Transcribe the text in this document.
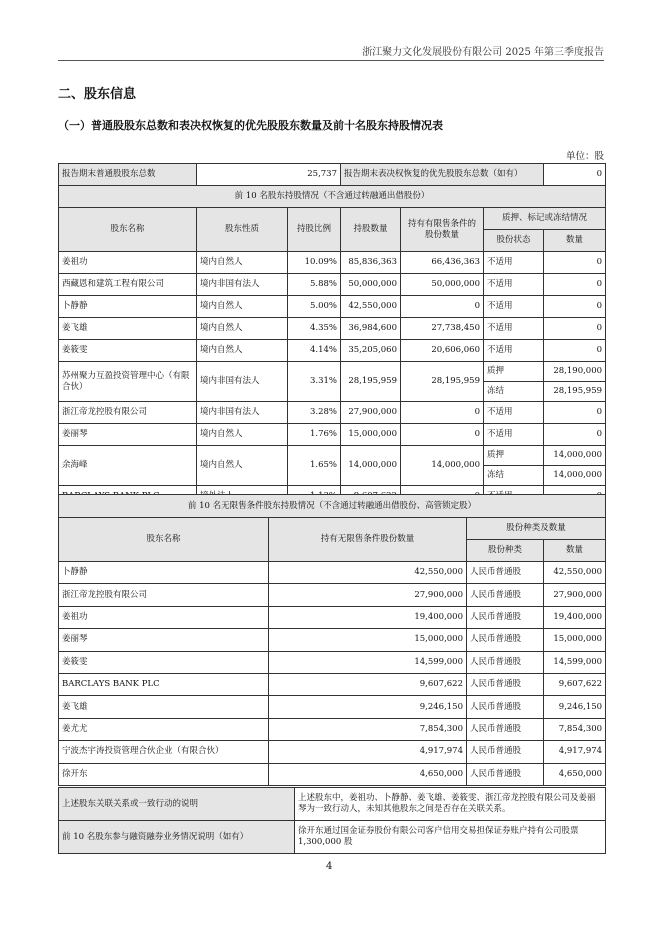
浙江聚力文化发展股份有限公司 2025 年第三季度报告
二、股东信息
（一）普通股股东总数和表决权恢复的优先股股东数量及前十名股东持股情况表
单位：股
报告期末普通股股东总数	25,737		报告期末表决权恢复的优先股股东总数（如有）			0
前 10 名股东持股情况（不含通过转融通出借股份）						
股东名称	股东性质	持股比例	持股数量	持有有限售条件的股份数量	质押、标记或冻结情况	
					股份状态	数量
姜祖功	境内自然人	10.09%	85,836,363	66,436,363	不适用	0
西藏恩和建筑工程有限公司	境内非国有法人	5.88%	50,000,000	50,000,000	不适用	0
卜静静	境内自然人	5.00%	42,550,000	0	不适用	0
姜飞雄	境内自然人	4.35%	36,984,600	27,738,450	不适用	0
姜筱雯	境内自然人	4.14%	35,205,060	20,606,060	不适用	0
苏州聚力互盈投资管理中心（有限合伙）	境内非国有法人	3.31%	28,195,959	28,195,959	质押	28,190,000
					冻结	28,195,959
浙江帝龙控股有限公司	境内非国有法人	3.28%	27,900,000	0	不适用	0
姜丽琴	境内自然人	1.76%	15,000,000	0	不适用	0
余海峰	境内自然人	1.65%	14,000,000	14,000,000	质押	14,000,000
					冻结	14,000,000
BARCLAYS BANK PLC	境外法人	1.13%	9,607,622	0	不适用	0
前 10 名无限售条件股东持股情况（不含通过转融通出借股份、高管锁定股）			
股东名称	持有无限售条件股份数量	股份种类及数量	
		股份种类	数量
卜静静	42,550,000	人民币普通股	42,550,000
浙江帝龙控股有限公司	27,900,000	人民币普通股	27,900,000
姜祖功	19,400,000	人民币普通股	19,400,000
姜丽琴	15,000,000	人民币普通股	15,000,000
姜筱雯	14,599,000	人民币普通股	14,599,000
BARCLAYS BANK PLC	9,607,622	人民币普通股	9,607,622
姜飞雄	9,246,150	人民币普通股	9,246,150
姜尤尤	7,854,300	人民币普通股	7,854,300
宁波杰宇涛投资管理合伙企业（有限合伙）	4,917,974	人民币普通股	4,917,974
徐开东	4,650,000	人民币普通股	4,650,000
上述股东关联关系或一致行动的说明	上述股东中，姜祖功、卜静静、姜飞雄、姜筱雯、浙江帝龙控股有限公司及姜丽琴为一致行动人，未知其他股东之间是否存在关联关系。
前 10 名股东参与融资融券业务情况说明（如有）	徐开东通过国金证券股份有限公司客户信用交易担保证券账户持有公司股票 1,300,000 股
4
